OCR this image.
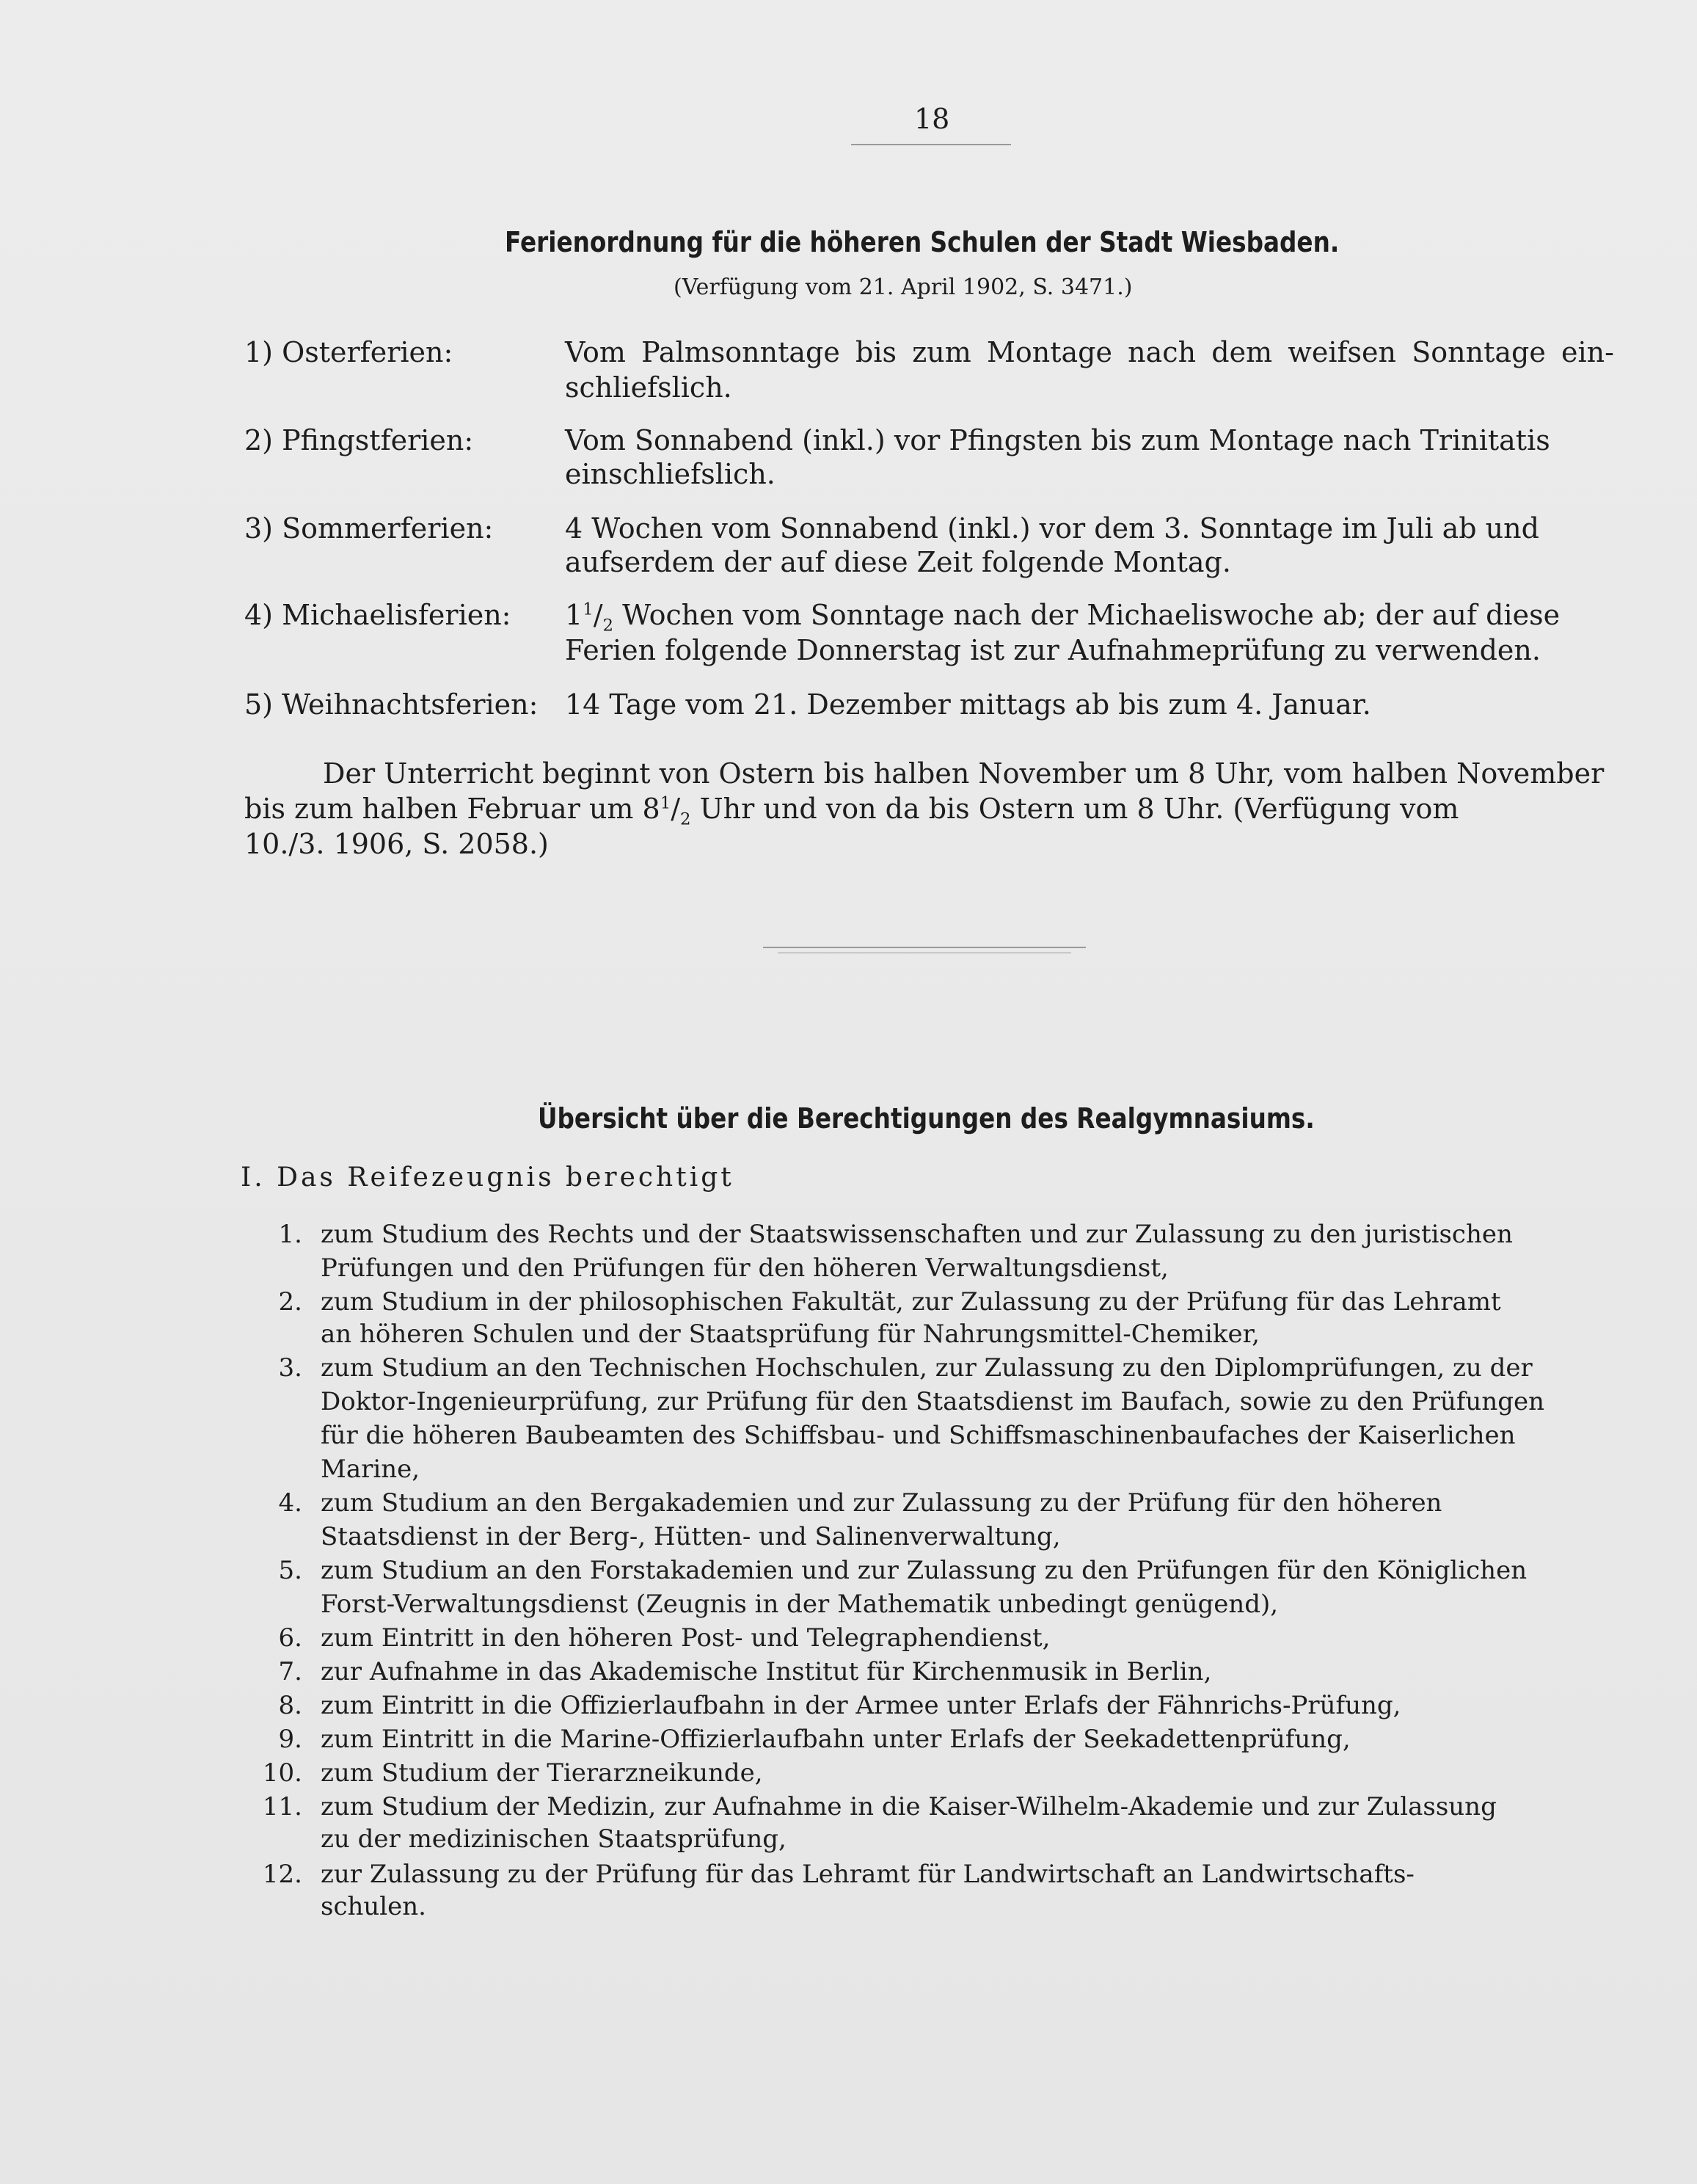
18
Ferienordnung für die höheren Schulen der Stadt Wiesbaden.
(Verfügung vom 21. April 1902, S. 3471.)
1) Osterferien:	Vom Palmsonntage bis zum Montage nach dem weifsen Sonntage ein-
schliefslich.
2) Pfingstferien:	Vom Sonnabend (inkl.) vor Pfingsten bis zum Montage nach Trinitatis
einschliefslich.
3) Sommerferien:	4 Wochen vom Sonnabend (inkl.) vor dem 3. Sonntage im Juli ab und
aufserdem der auf diese Zeit folgende Montag.
4) Michaelisferien: $1^1/_2$ Wochen vom Sonntage nach der Michaeliswoche ab; der auf diese
Ferien folgende Donnerstag ist zur Aufnahmeprüfung zu verwenden.
5) Weihnachtsferien: 14 Tage vom 21. Dezember mittags ab bis zum 4. Januar.
Der Unterricht beginnt von Ostern bis halben November um 8 Uhr, vom halben November
bis zum halben Februar um $8^1/_2$ Uhr und von da bis Ostern um 8 Uhr. (Verfügung vom
10./3. 1906, S. 2058.)
Übersicht über die Berechtigungen des Realgymnasiums.
I. Das Reifezeugnis berechtigt
1. zum Studium des Rechts und der Staatswissenschaften und zur Zulassung zu den juristischen
Prüfungen und den Prüfungen für den höheren Verwaltungsdienst,
2. zum Studium in der philosophischen Fakultät, zur Zulassung zu der Prüfung für das Lehramt
an höheren Schulen und der Staatsprüfung für Nahrungsmittel-Chemiker,
3. zum Studium an den Technischen Hochschulen, zur Zulassung zu den Diplomprüfungen, zu der
Doktor-Ingenieurprüfung, zur Prüfung für den Staatsdienst im Baufach, sowie zu den Prüfungen
für die höheren Baubeamten des Schiffsbau- und Schiffsmaschinenbaufaches der Kaiserlichen
Marine,
4. zum Studium an den Bergakademien und zur Zulassung zu der Prüfung für den höheren
Staatsdienst in der Berg-, Hütten- und Salinenverwaltung,
5. zum Studium an den Forstakademien und zur Zulassung zu den Prüfungen für den Königlichen
Forst-Verwaltungsdienst (Zeugnis in der Mathematik unbedingt genügend),
6. zum Eintritt in den höheren Post- und Telegraphendienst,
7. zur Aufnahme in das Akademische Institut für Kirchenmusik in Berlin,
8. zum Eintritt in die Offizierlaufbahn in der Armee unter Erlafs der Fähnrichs-Prüfung,
9. zum Eintritt in die Marine-Offizierlaufbahn unter Erlafs der Seekadettenprüfung,
10. zum Studium der Tierarzneikunde,
11. zum Studium der Medizin, zur Aufnahme in die Kaiser-Wilhelm-Akademie und zur Zulassung
zu der medizinischen Staatsprüfung,
12. zur Zulassung zu der Prüfung für das Lehramt für Landwirtschaft an Landwirtschafts-
schulen.
